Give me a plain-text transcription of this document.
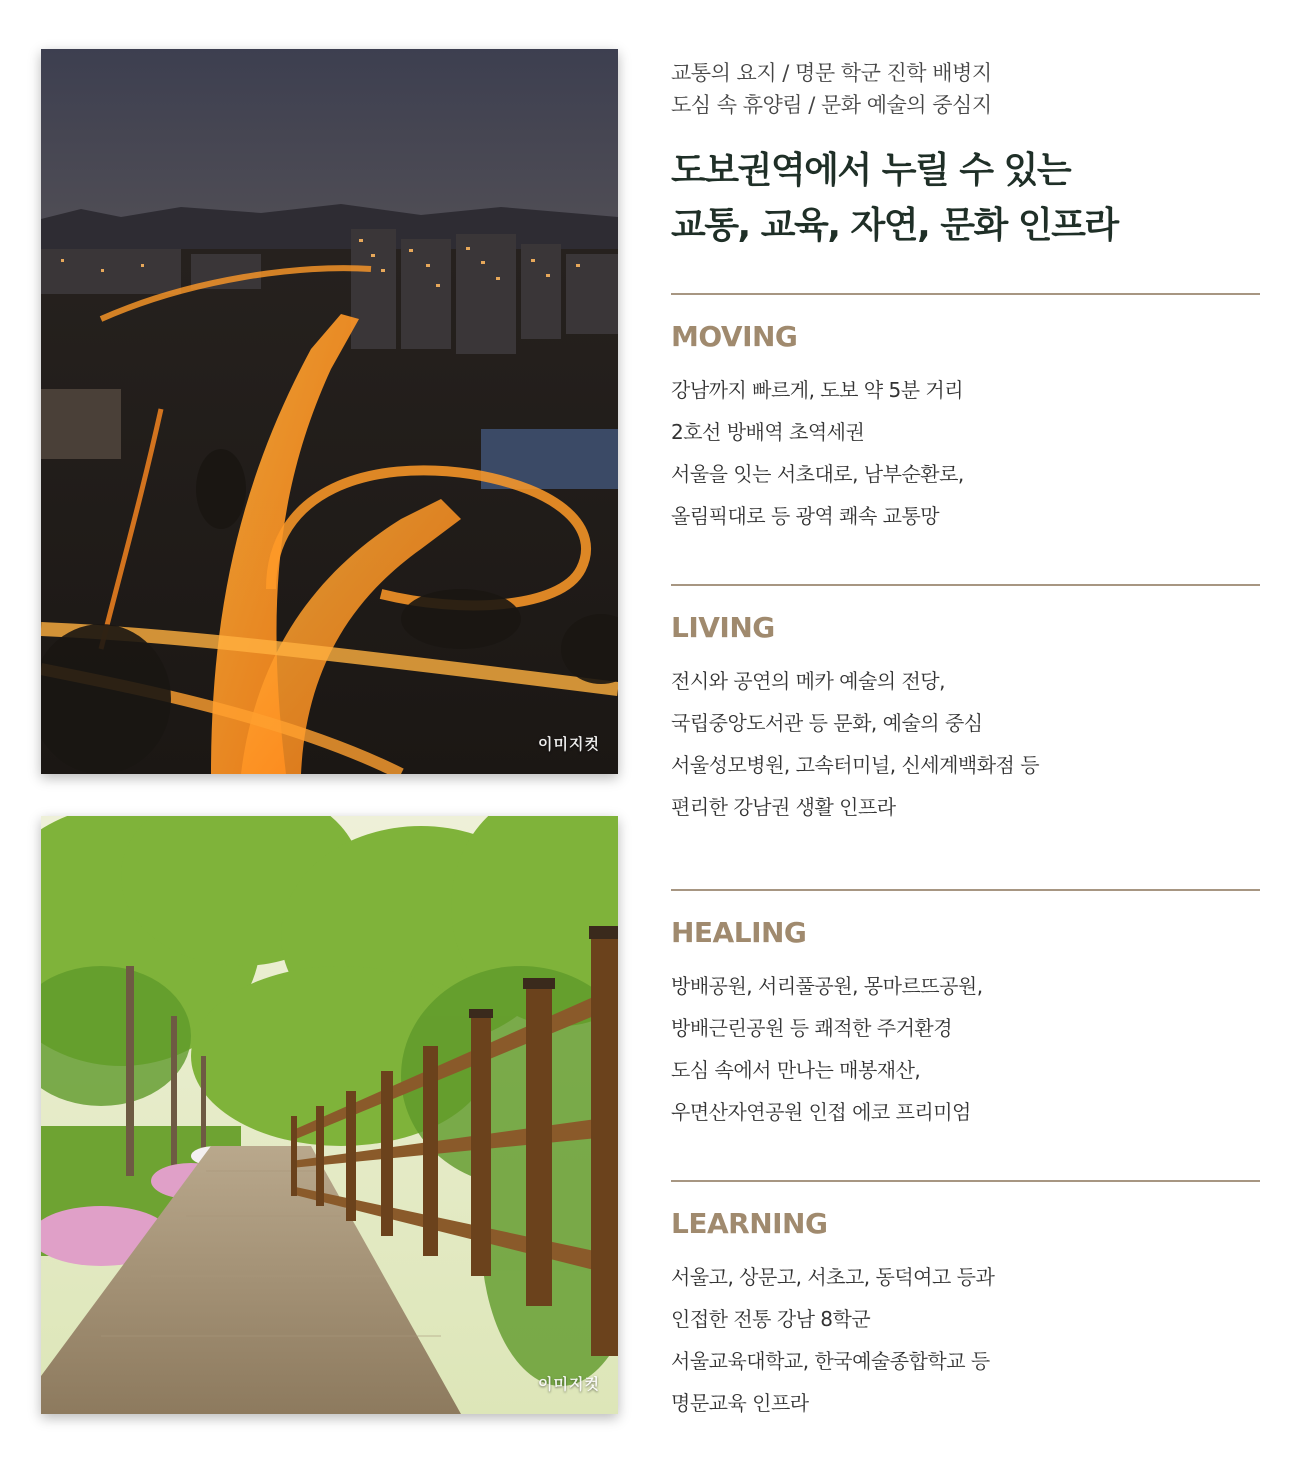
이미지컷
이미지컷
교통의 요지 / 명문 학군 진학 배병지
도심 속 휴양림 / 문화 예술의 중심지
도보권역에서 누릴 수 있는
교통, 교육, 자연, 문화 인프라
MOVING
강남까지 빠르게, 도보 약 5분 거리
2호선 방배역 초역세권
서울을 잇는 서초대로, 남부순환로,
올림픽대로 등 광역 쾌속 교통망
LIVING
전시와 공연의 메카 예술의 전당,
국립중앙도서관 등 문화, 예술의 중심
서울성모병원, 고속터미널, 신세계백화점 등
편리한 강남권 생활 인프라
HEALING
방배공원, 서리풀공원, 몽마르뜨공원,
방배근린공원 등 쾌적한 주거환경
도심 속에서 만나는 매봉재산,
우면산자연공원 인접 에코 프리미엄
LEARNING
서울고, 상문고, 서초고, 동덕여고 등과
인접한 전통 강남 8학군
서울교육대학교, 한국예술종합학교 등
명문교육 인프라
